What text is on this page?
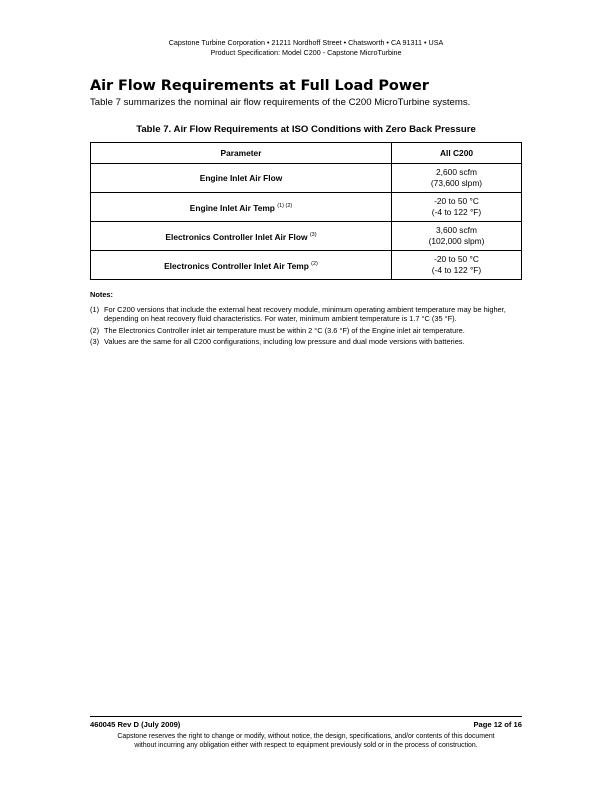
Capstone Turbine Corporation • 21211 Nordhoff Street • Chatsworth • CA 91311 • USA
Product Specification: Model C200 - Capstone MicroTurbine
Air Flow Requirements at Full Load Power

Table 7 summarizes the nominal air flow requirements of the C200 MicroTurbine systems.

Table 7. Air Flow Requirements at ISO Conditions with Zero Back Pressure
Parameter	All C200
Engine Inlet Air Flow	2,600 scfm
(73,600 slpm)

Engine Inlet Air Temp $^{(1) (2)}$	-20 to 50 °C
(-4 to 122 °F)

Electronics Controller Inlet Air Flow $^{(3)}$	3,600 scfm
(102,000 slpm)

Electronics Controller Inlet Air Temp $^{(2)}$	-20 to 50 °C
(-4 to 122 °F)
Notes:
(1) For C200 versions that include the external heat recovery module, minimum operating ambient temperature may be higher, depending on heat recovery fluid characteristics. For water, minimum ambient temperature is 1.7 °C (35 °F).
(2) The Electronics Controller inlet air temperature must be within 2 °C (3.6 °F) of the Engine inlet air temperature.
(3) Values are the same for all C200 configurations, including low pressure and dual mode versions with batteries.
460045 Rev D (July 2009)	Page 12 of 16
Capstone reserves the right to change or modify, without notice, the design, specifications, and/or contents of this document
without incurring any obligation either with respect to equipment previously sold or in the process of construction.
